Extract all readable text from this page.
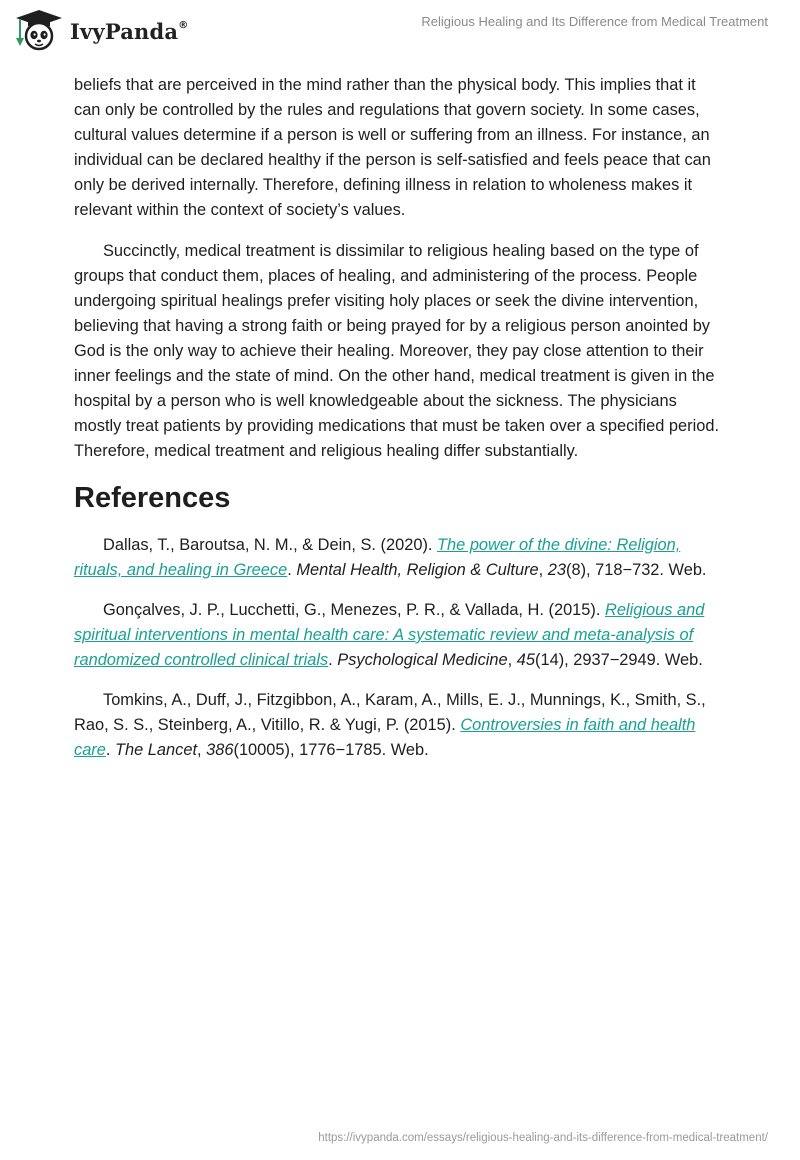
IvyPanda®	Religious Healing and Its Difference from Medical Treatment

beliefs that are perceived in the mind rather than the physical body. This implies that it can only be controlled by the rules and regulations that govern society. In some cases, cultural values determine if a person is well or suffering from an illness. For instance, an individual can be declared healthy if the person is self-satisfied and feels peace that can only be derived internally. Therefore, defining illness in relation to wholeness makes it relevant within the context of society’s values.

Succinctly, medical treatment is dissimilar to religious healing based on the type of groups that conduct them, places of healing, and administering of the process. People undergoing spiritual healings prefer visiting holy places or seek the divine intervention, believing that having a strong faith or being prayed for by a religious person anointed by God is the only way to achieve their healing. Moreover, they pay close attention to their inner feelings and the state of mind. On the other hand, medical treatment is given in the hospital by a person who is well knowledgeable about the sickness. The physicians mostly treat patients by providing medications that must be taken over a specified period. Therefore, medical treatment and religious healing differ substantially.

References
Dallas, T., Baroutsa, N. M., & Dein, S. (2020). The power of the divine: Religion, rituals, and healing in Greece. Mental Health, Religion & Culture, 23(8), 718−732. Web.
Gonçalves, J. P., Lucchetti, G., Menezes, P. R., & Vallada, H. (2015). Religious and spiritual interventions in mental health care: A systematic review and meta-analysis of randomized controlled clinical trials. Psychological Medicine, 45(14), 2937−2949. Web.
Tomkins, A., Duff, J., Fitzgibbon, A., Karam, A., Mills, E. J., Munnings, K., Smith, S., Rao, S. S., Steinberg, A., Vitillo, R. & Yugi, P. (2015). Controversies in faith and health care. The Lancet, 386(10005), 1776−1785. Web.
https://ivypanda.com/essays/religious-healing-and-its-difference-from-medical-treatment/
